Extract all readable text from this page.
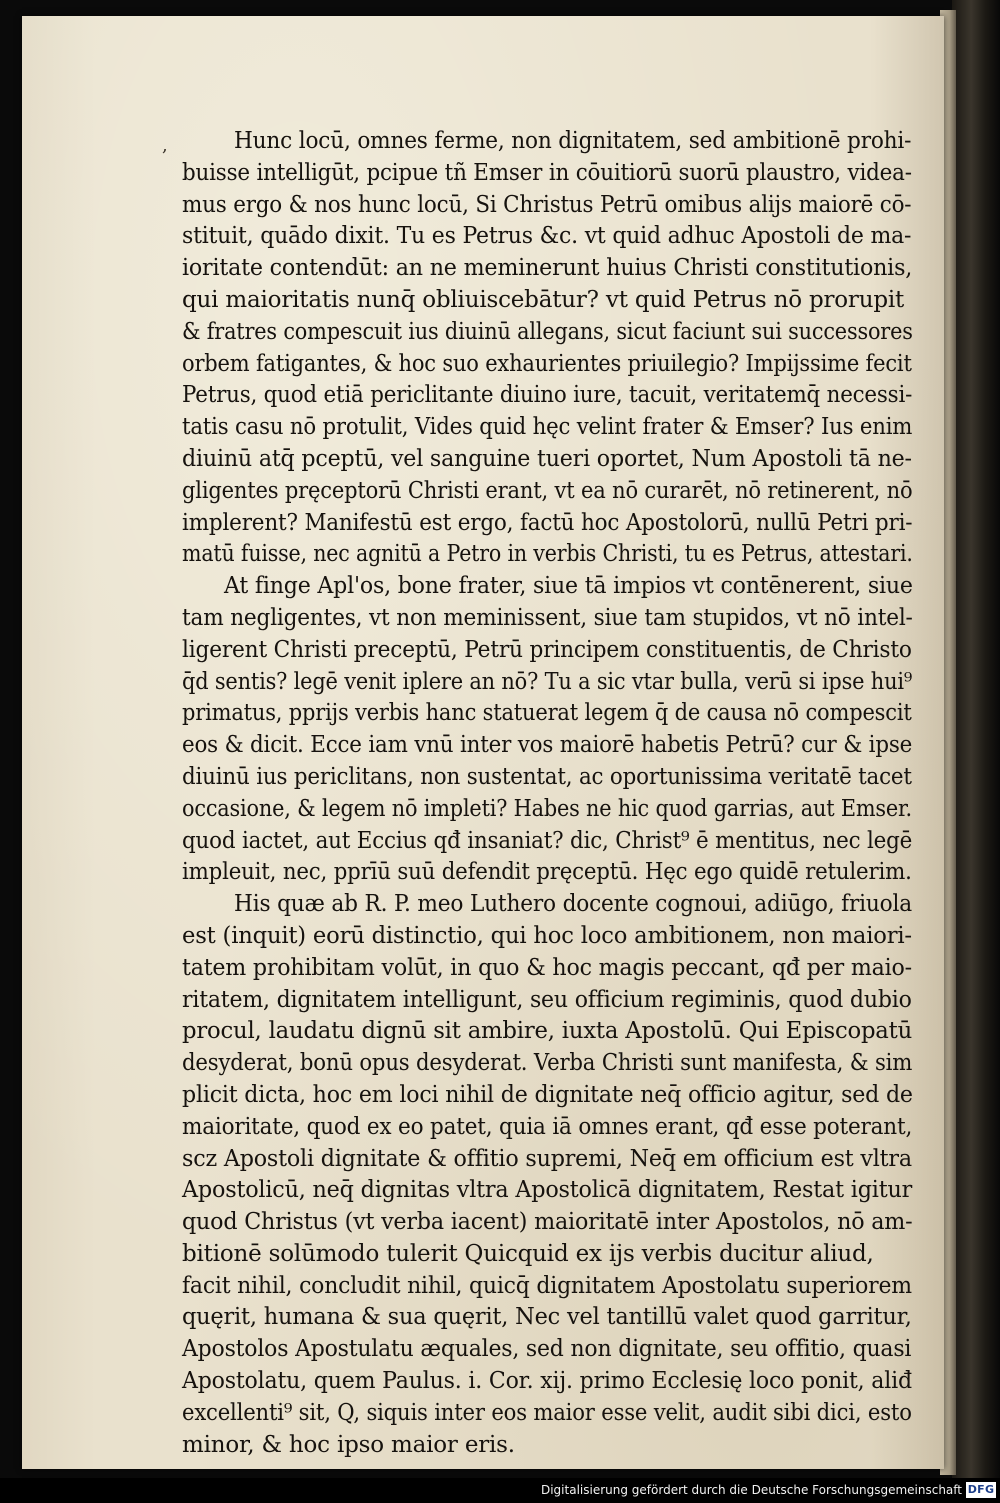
,	Hunc locū, omnes ferme, non dignitatem, sed ambitionē prohi-
buisse intelligūt, pcipue tñ Emser in cōuitiorū suorū plaustro, videa-
mus ergo & nos hunc locū, Si Christus Petrū omibus alijs maiorē cō-
stituit, quādo dixit. Tu es Petrus &c. vt quid adhuc Apostoli de ma-
ioritate contendūt: an ne meminerunt huius Christi constitutionis,
qui maioritatis nunq̄ obliuiscebātur? vt quid Petrus nō prorupit
& fratres compescuit ius diuinū allegans, sicut faciunt sui successores
orbem fatigantes, & hoc suo exhaurientes priuilegio? Impijssime fecit
Petrus, quod etiā periclitante diuino iure, tacuit, veritatemq̄ necessi-
tatis casu nō protulit, Vides quid hęc velint frater & Emser? Ius enim
diuinū atq̄ pceptū, vel sanguine tueri oportet, Num Apostoli tā ne-
gligentes pręceptorū Christi erant, vt ea nō curarēt, nō retinerent, nō
implerent? Manifestū est ergo, factū hoc Apostolorū, nullū Petri pri-
matū fuisse, nec agnitū a Petro in verbis Christi, tu es Petrus, attestari.
At finge Apl'os, bone frater, siue tā impios vt contēnerent, siue
tam negligentes, vt non meminissent, siue tam stupidos, vt nō intel-
ligerent Christi preceptū, Petrū principem constituentis, de Christo
q̄d sentis? legē venit iplere an nō? Tu a sic vtar bulla, verū si ipse hui⁹
primatus, pprijs verbis hanc statuerat legem q̄ de causa nō compescit
eos & dicit. Ecce iam vnū inter vos maiorē habetis Petrū? cur & ipse
diuinū ius periclitans, non sustentat, ac oportunissima veritatē tacet
occasione, & legem nō impleti? Habes ne hic quod garrias, aut Emser.
quod iactet, aut Eccius qđ insaniat? dic, Christ⁹ ē mentitus, nec legē
impleuit, nec, pprīū suū defendit pręceptū. Hęc ego quidē retulerim.
His quæ ab R. P. meo Luthero docente cognoui, adiūgo, friuola
est (inquit) eorū distinctio, qui hoc loco ambitionem, non maiori-
tatem prohibitam volūt, in quo & hoc magis peccant, qđ per maio-
ritatem, dignitatem intelligunt, seu officium regiminis, quod dubio
procul, laudatu dignū sit ambire, iuxta Apostolū. Qui Episcopatū
desyderat, bonū opus desyderat. Verba Christi sunt manifesta, & sim
plicit dicta, hoc em loci nihil de dignitate neq̄ officio agitur, sed de
maioritate, quod ex eo patet, quia iā omnes erant, qđ esse poterant,
scz Apostoli dignitate & offitio supremi, Neq̄ em officium est vltra
Apostolicū, neq̄ dignitas vltra Apostolicā dignitatem, Restat igitur
quod Christus (vt verba iacent) maioritatē inter Apostolos, nō am-
bitionē solūmodo tulerit Quicquid ex ijs verbis ducitur aliud,
facit nihil, concludit nihil, quicq̄ dignitatem Apostolatu superiorem
quęrit, humana & sua quęrit, Nec vel tantillū valet quod garritur,
Apostolos Apostulatu æquales, sed non dignitate, seu offitio, quasi
Apostolatu, quem Paulus. i. Cor. xij. primo Ecclesię loco ponit, aliđ
excellenti⁹ sit, Q, siquis inter eos maior esse velit, audit sibi dici, esto
minor, & hoc ipso maior eris.
Digitalisierung gefördert durch die Deutsche Forschungsgemeinschaft DFG
